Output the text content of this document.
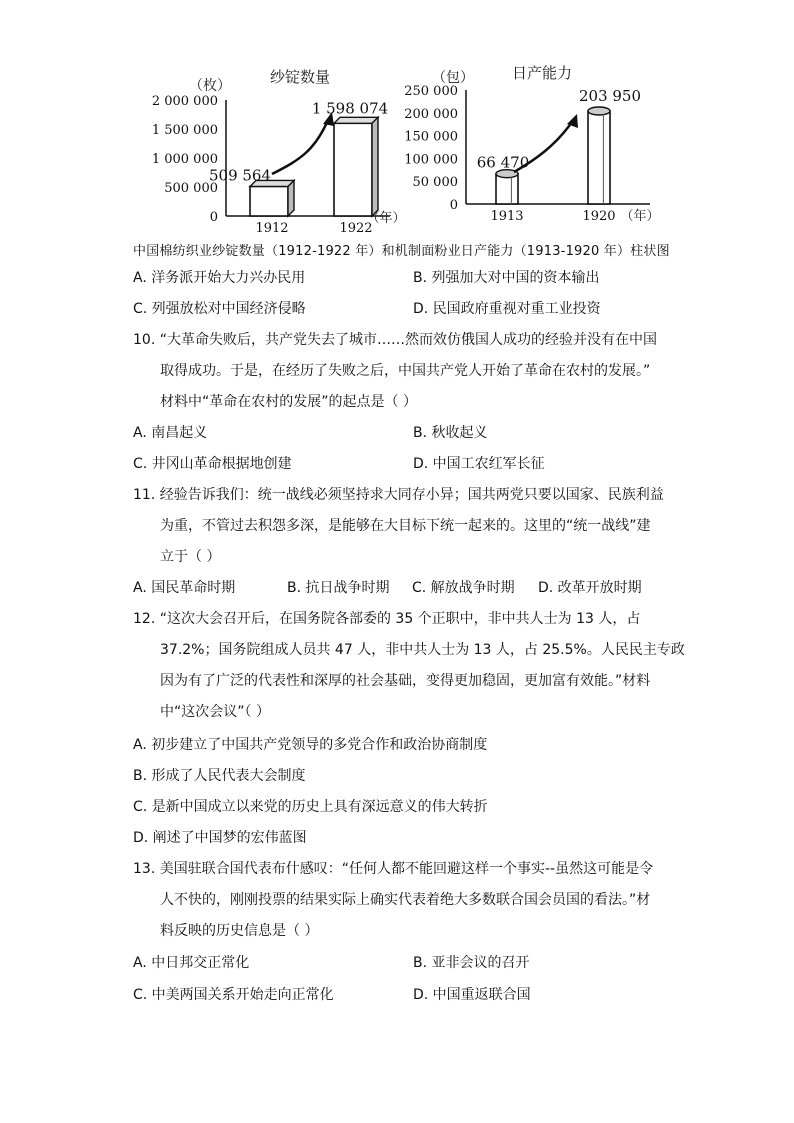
纱锭数量
（枚）
2 000 000
1 500 000
1 000 000
500 000
0
509 564
1 598 074
1912	1922
（年）
日产能力
（包）
250 000
200 000
150 000
100 000
50 000
0
66 470
203 950
1913	1920 （年）
中国棉纺织业纱锭数量（1912-1922 年）和机制面粉业日产能力（1913-1920 年）柱状图
A. 洋务派开始大力兴办民用	B. 列强加大对中国的资本输出
C. 列强放松对中国经济侵略	D. 民国政府重视对重工业投资
10. “大革命失败后，共产党失去了城市……然而效仿俄国人成功的经验并没有在中国
取得成功。于是，在经历了失败之后，中国共产党人开始了革命在农村的发展。”
材料中“革命在农村的发展”的起点是（ ）
A. 南昌起义	B. 秋收起义
C. 井冈山革命根据地创建	D. 中国工农红军长征
11. 经验告诉我们：统一战线必须坚持求大同存小异；国共两党只要以国家、民族利益
为重，不管过去积怨多深，是能够在大目标下统一起来的。这里的“统一战线”建
立于（ ）
A. 国民革命时期	B. 抗日战争时期 C. 解放战争时期 D. 改革开放时期
12. “这次大会召开后，在国务院各部委的 35 个正职中，非中共人士为 13 人，占
37.2%；国务院组成人员共 47 人，非中共人士为 13 人，占 25.5%。人民民主专政
因为有了广泛的代表性和深厚的社会基础，变得更加稳固，更加富有效能。”材料
中“这次会议”（ ）
A. 初步建立了中国共产党领导的多党合作和政治协商制度
B. 形成了人民代表大会制度
C. 是新中国成立以来党的历史上具有深远意义的伟大转折
D. 阐述了中国梦的宏伟蓝图
13. 美国驻联合国代表布什感叹：“任何人都不能回避这样一个事实--虽然这可能是令
人不快的，刚刚投票的结果实际上确实代表着绝大多数联合国会员国的看法。”材
料反映的历史信息是（ ）
A. 中日邦交正常化	B. 亚非会议的召开
C. 中美两国关系开始走向正常化	D. 中国重返联合国
